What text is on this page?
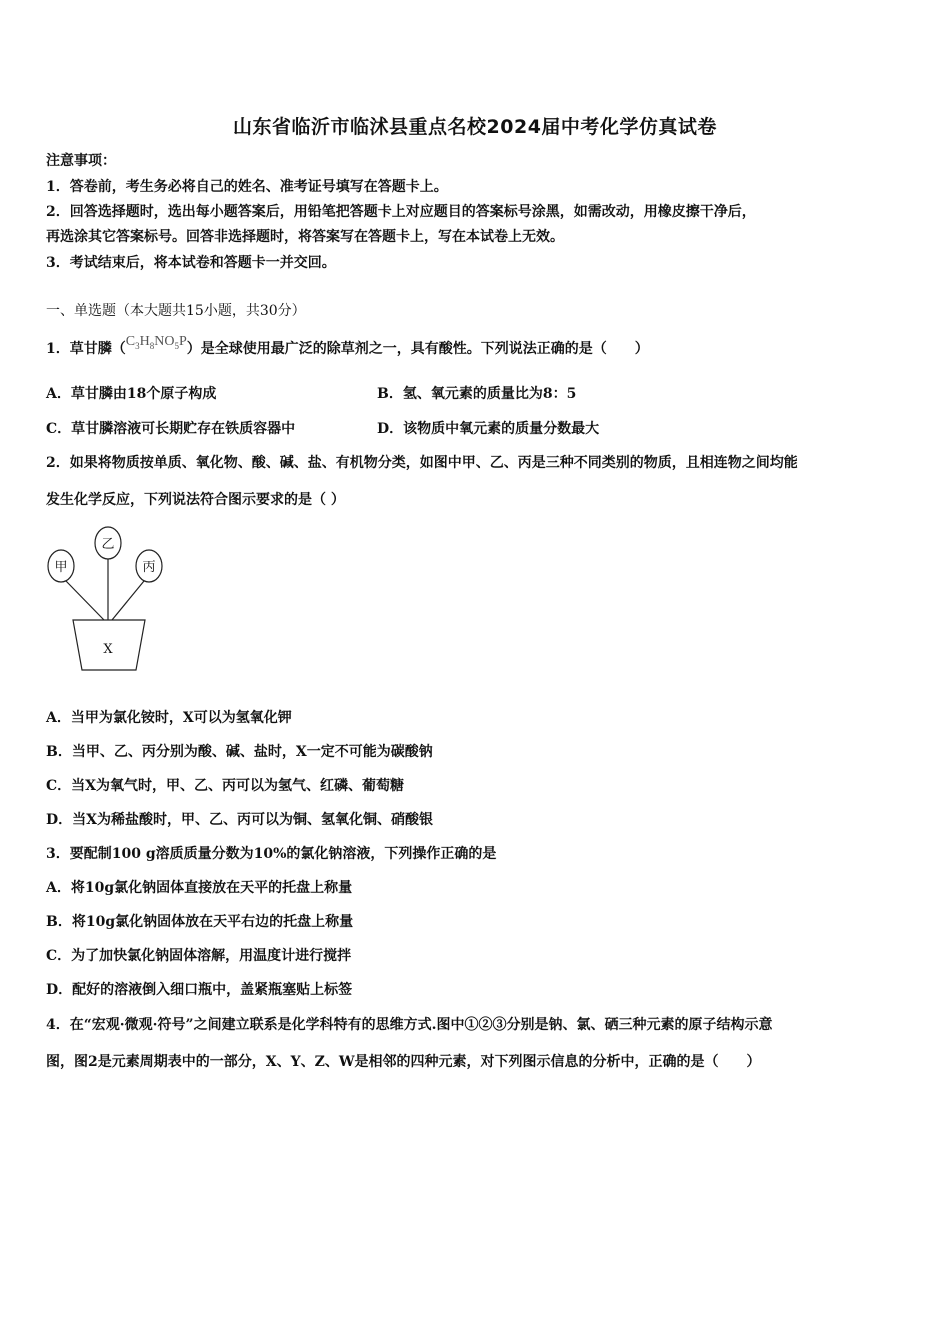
山东省临沂市临沭县重点名校2024届中考化学仿真试卷
注意事项：
1．答卷前，考生务必将自己的姓名、准考证号填写在答题卡上。
2．回答选择题时，选出每小题答案后，用铅笔把答题卡上对应题目的答案标号涂黑，如需改动，用橡皮擦干净后，
再选涂其它答案标号。回答非选择题时，将答案写在答题卡上，写在本试卷上无效。
3．考试结束后，将本试卷和答题卡一并交回。
一、单选题（本大题共15小题，共30分）
1．草甘膦$(C_3H_8NO_5P)$是全球使用最广泛的除草剂之一，具有酸性。下列说法正确的是（　　）
A．草甘膦由18个原子构成	B．氢、氧元素的质量比为8：5
C．草甘膦溶液可长期贮存在铁质容器中	D．该物质中氧元素的质量分数最大
2．如果将物质按单质、氧化物、酸、碱、盐、有机物分类，如图中甲、乙、丙是三种不同类别的物质，且相连物之间均能
发生化学反应，下列说法符合图示要求的是（ ）
甲
乙
丙
X
A．当甲为氯化铵时，X可以为氢氧化钾
B．当甲、乙、丙分别为酸、碱、盐时，X一定不可能为碳酸钠
C．当X为氧气时，甲、乙、丙可以为氢气、红磷、葡萄糖
D．当X为稀盐酸时，甲、乙、丙可以为铜、氢氧化铜、硝酸银
3．要配制100 g溶质质量分数为10%的氯化钠溶液，下列操作正确的是
A．将10g氯化钠固体直接放在天平的托盘上称量
B．将10g氯化钠固体放在天平右边的托盘上称量
C．为了加快氯化钠固体溶解，用温度计进行搅拌
D．配好的溶液倒入细口瓶中，盖紧瓶塞贴上标签
4．在“宏观·微观·符号”之间建立联系是化学科特有的思维方式.图中①②③分别是钠、氯、硒三种元素的原子结构示意
图，图2是元素周期表中的一部分，X、Y、Z、W是相邻的四种元素，对下列图示信息的分析中，正确的是（　　）
